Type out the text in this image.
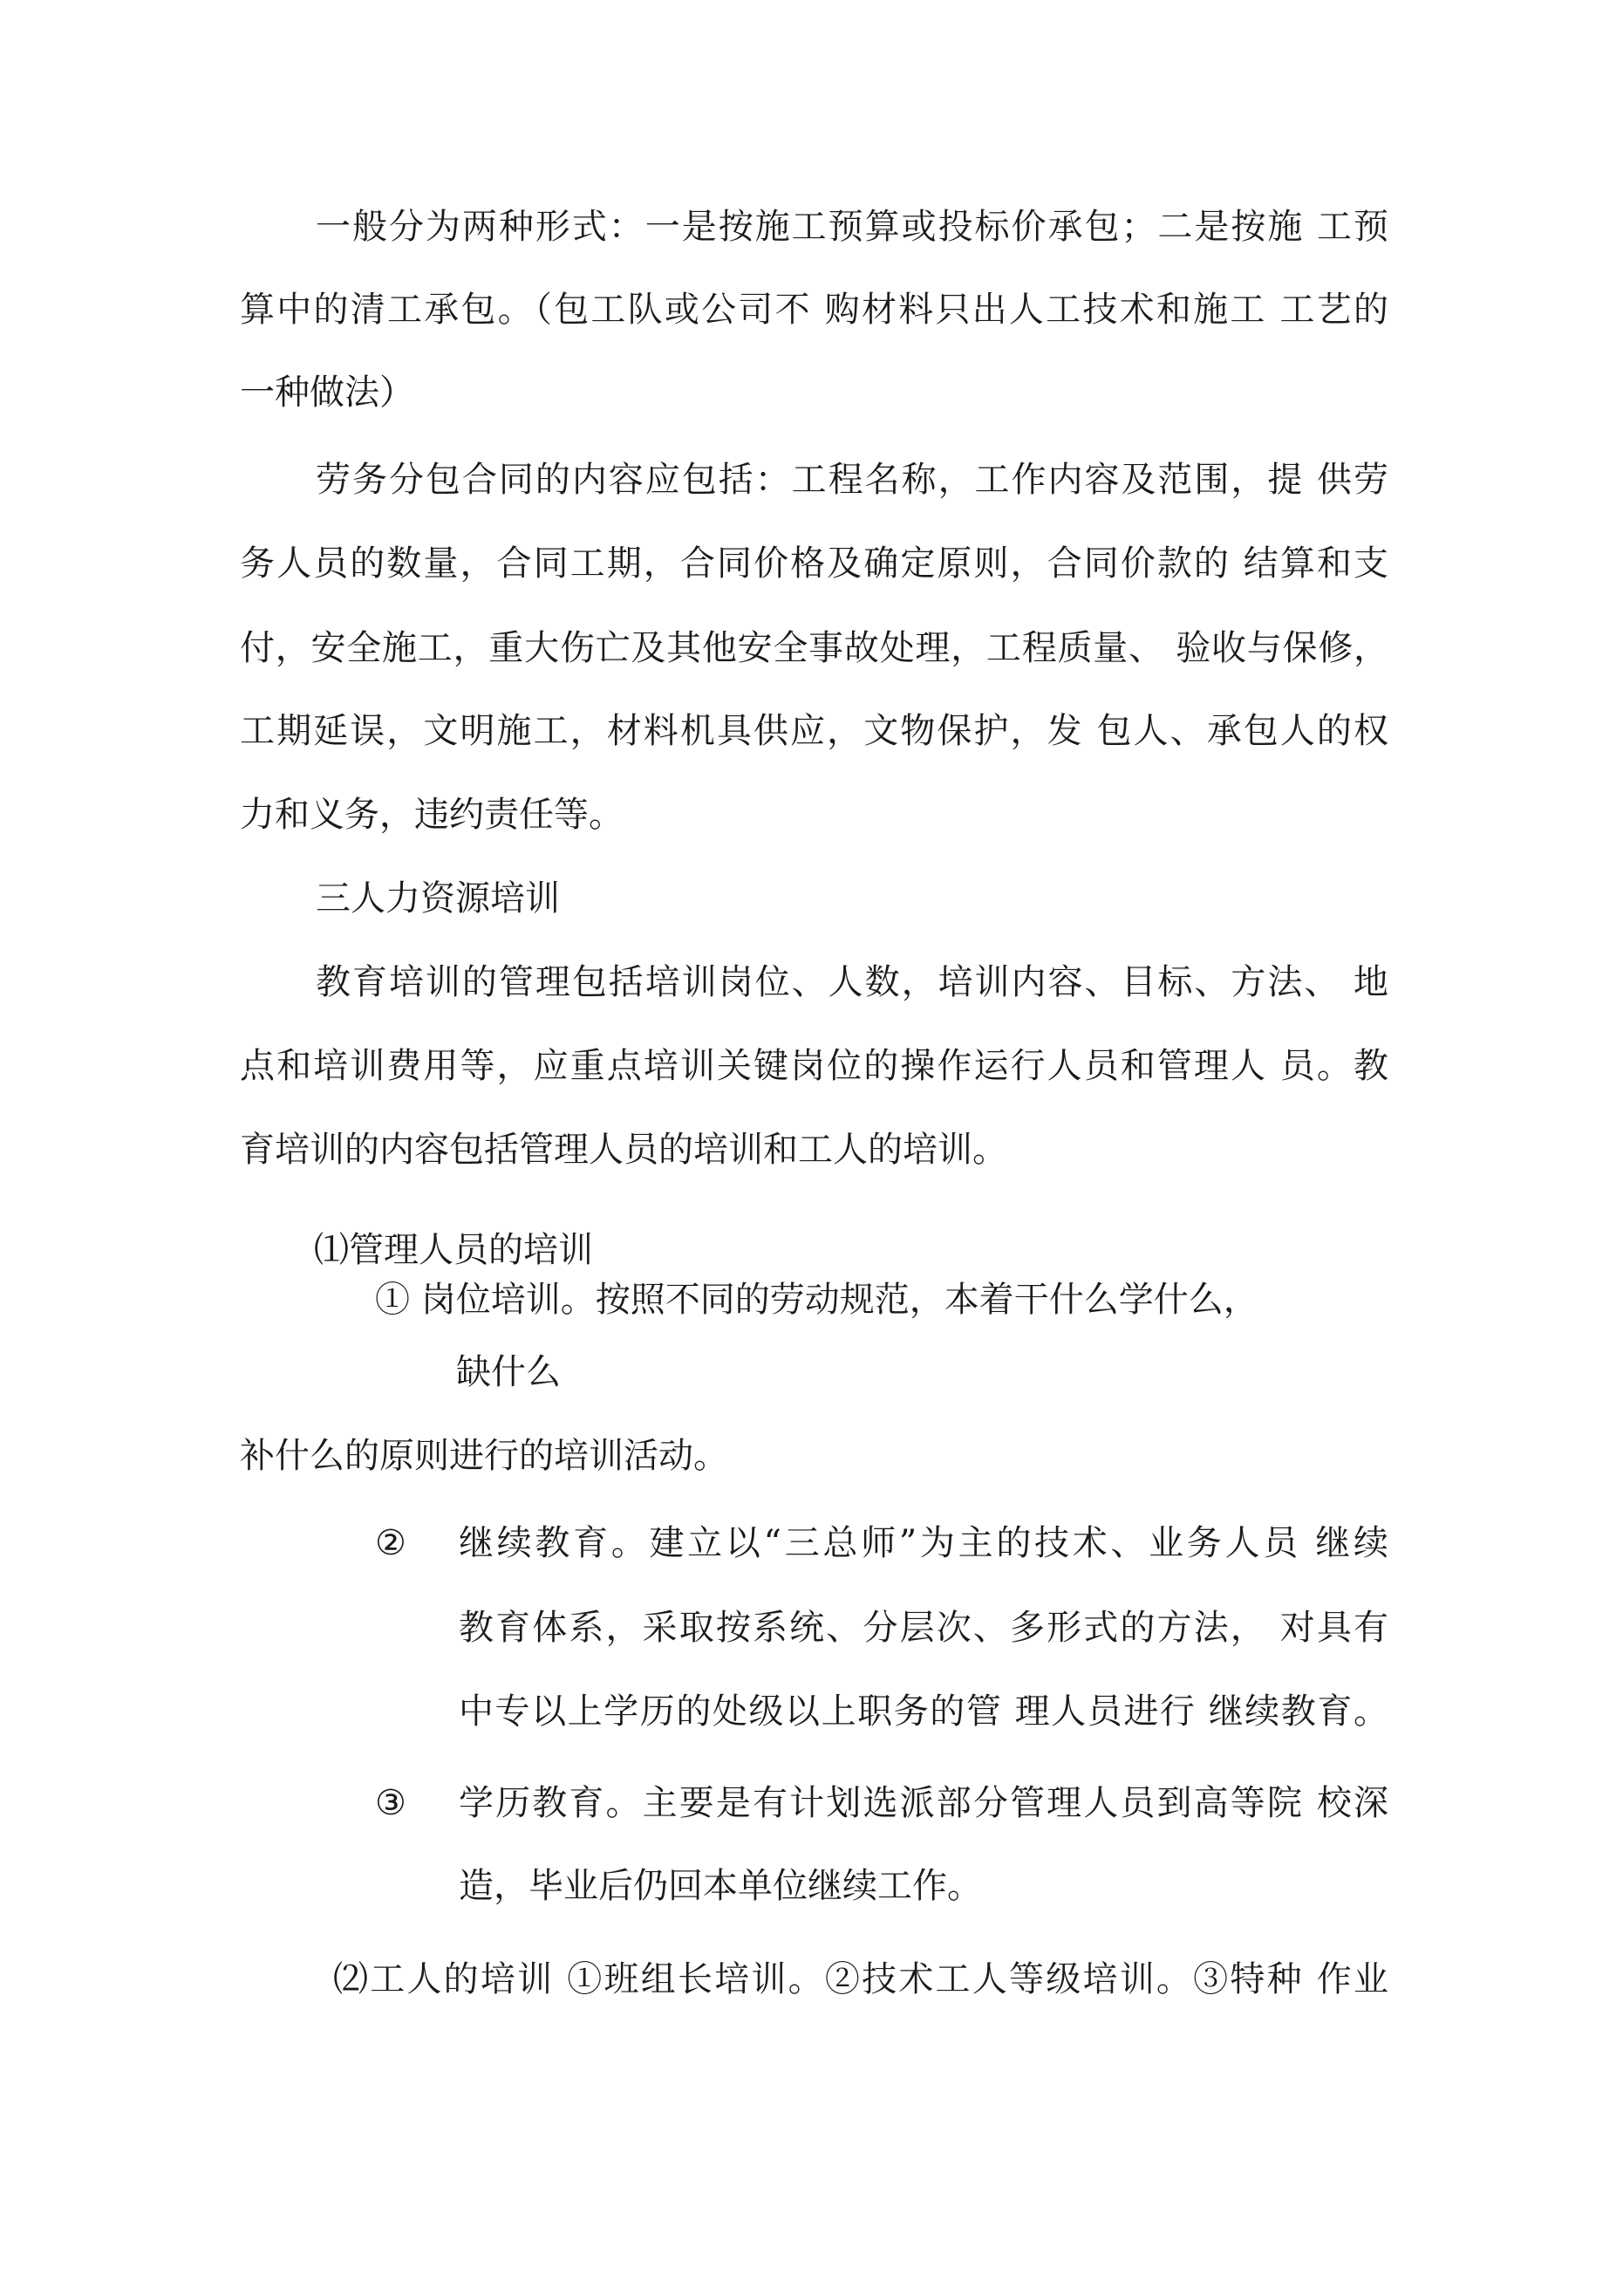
一般分为两种形式：一是按施工预算或投标价承包；二是按施 工预

算中的清工承包。（包工队或公司不 购材料只出人工技术和施工 工艺的

一种做法）

劳务分包合同的内容应包括：工程名称，工作内容及范围，提 供劳

务人员的数量，合同工期，合同价格及确定原则，合同价款的 结算和支

付，安全施工，重大伤亡及其他安全事故处理，工程质量、 验收与保修，

工期延误，文明施工，材料机具供应，文物保护，发 包人、承包人的权

力和义务，违约责任等。

三人力资源培训

教育培训的管理包括培训岗位、人数，培训内容、目标、方法、 地

点和培训费用等，应重点培训关键岗位的操作运行人员和管理人 员。教

育培训的内容包括管理人员的培训和工人的培训。

⑴管理人员的培训

① 岗位培训。按照不同的劳动规范，本着干什么学什么，

缺什么

补什么的原则进行的培训活动。

② 继续教育。建立以“三总师”为主的技术、业务人员 继续

教育体系，采取按系统、分层次、多形式的方法， 对具有

中专以上学历的处级以上职务的管 理人员进行 继续教育。

③ 学历教育。主要是有计划选派部分管理人员到高等院 校深

造，毕业后仍回本单位继续工作。

⑵工人的培训 ①班组长培训。②技术工人等级培训。③特种 作业
